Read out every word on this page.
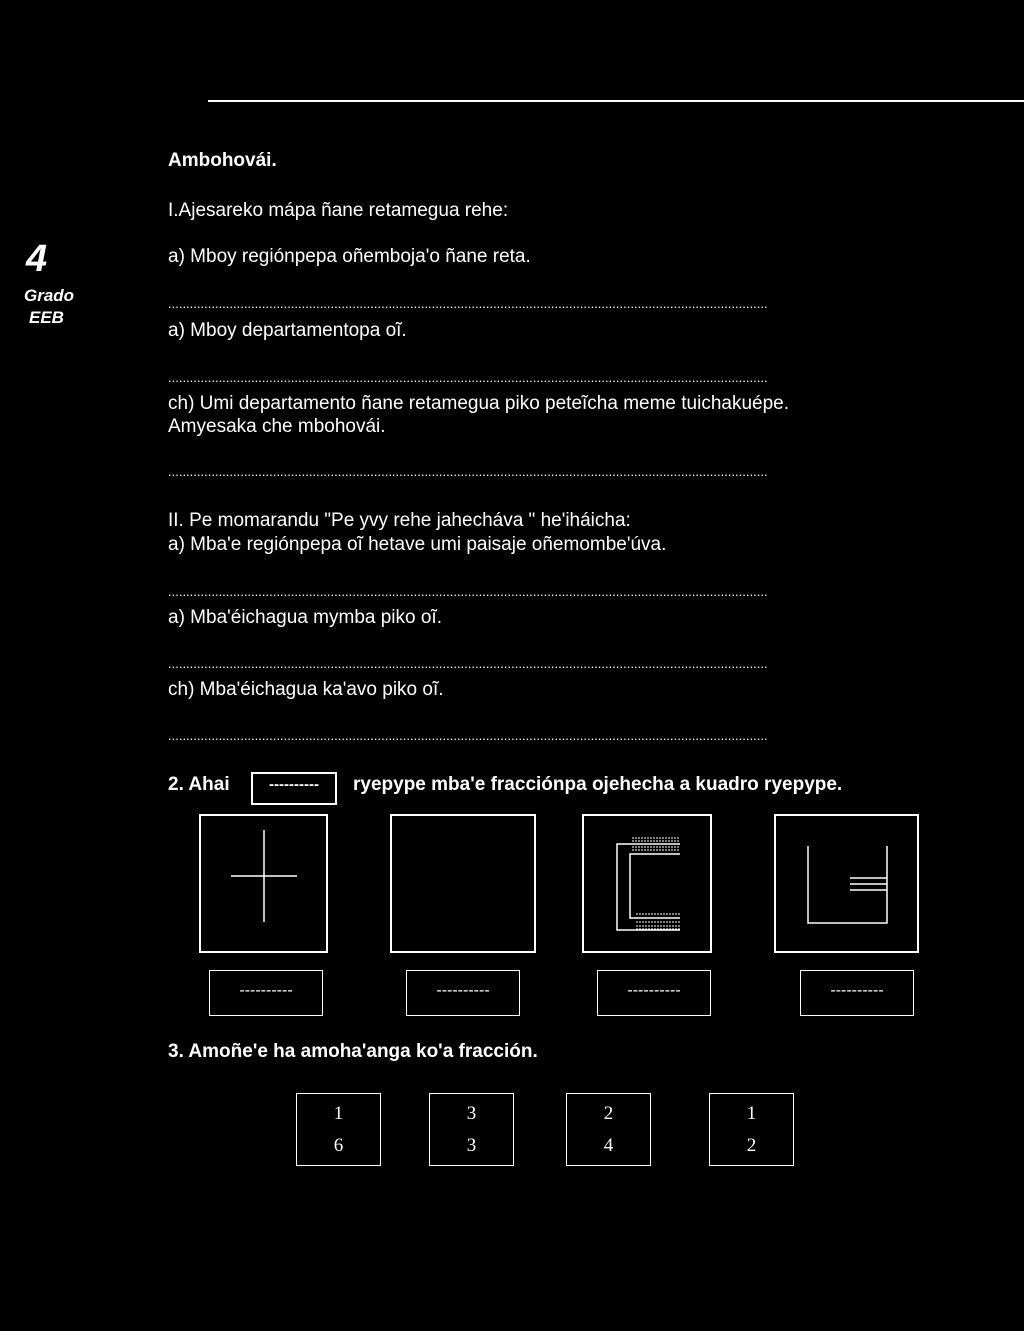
4
Grado
EEB
Ambohovái.
I.Ajesareko mápa ñane retamegua rehe:
a) Mboy regiónpepa oñemboja'o ñane reta.
......................................................................................................................................................................
a) Mboy departamentopa oĩ.
......................................................................................................................................................................
ch) Umi departamento ñane retamegua piko peteĩcha meme tuichakuépe.
Amyesaka che mbohovái.
......................................................................................................................................................................
II. Pe momarandu "Pe yvy rehe jahecháva " he'iháicha:
a) Mba'e regiónpepa oĩ hetave umi paisaje oñemombe'úva.
......................................................................................................................................................................
a) Mba'éichagua mymba piko oĩ.
......................................................................................................................................................................
ch) Mba'éichagua ka'avo piko oĩ.
......................................................................................................................................................................
2. Ahai	----------	ryepype mba'e fracciónpa ojehecha a kuadro ryepype.
----------	----------	----------	----------
3. Amoñe'e ha amoha'anga ko'a fracción.
1
6
3
3
2
4
1
2
